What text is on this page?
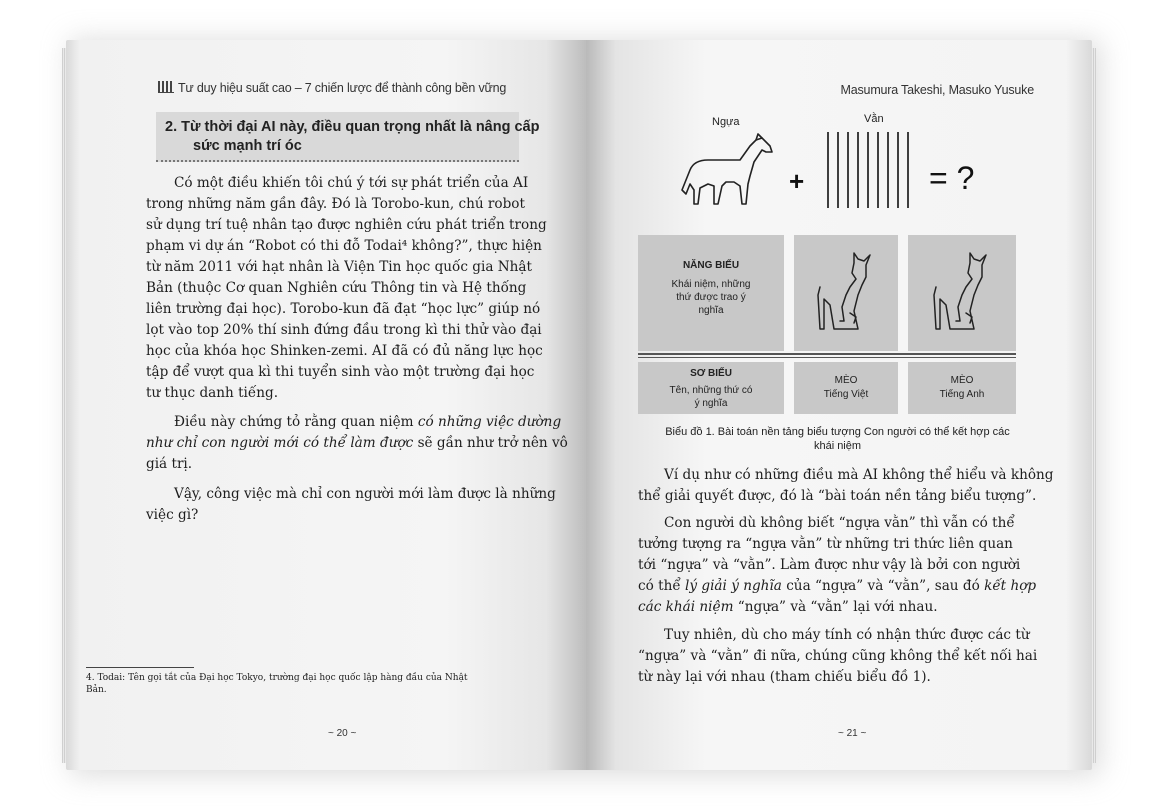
Tư duy hiệu suất cao – 7 chiến lược để thành công bền vững
2. Từ thời đại AI này, điều quan trọng nhất là nâng cấp
sức mạnh trí óc
Có một điều khiến tôi chú ý tới sự phát triển của AI
trong những năm gần đây. Đó là Torobo-kun, chú robot
sử dụng trí tuệ nhân tạo được nghiên cứu phát triển trong
phạm vi dự án “Robot có thi đỗ Todai⁴ không?”, thực hiện
từ năm 2011 với hạt nhân là Viện Tin học quốc gia Nhật
Bản (thuộc Cơ quan Nghiên cứu Thông tin và Hệ thống
liên trường đại học). Torobo-kun đã đạt “học lực” giúp nó
lọt vào top 20% thí sinh đứng đầu trong kì thi thử vào đại
học của khóa học Shinken-zemi. AI đã có đủ năng lực học
tập để vượt qua kì thi tuyển sinh vào một trường đại học
tư thục danh tiếng.
Điều này chứng tỏ rằng quan niệm có những việc dường
như chỉ con người mới có thể làm được sẽ gần như trở nên vô
giá trị.
Vậy, công việc mà chỉ con người mới làm được là những
việc gì?
4. Todai: Tên gọi tắt của Đại học Tokyo, trường đại học quốc lập hàng đầu của Nhật
Bản.
~ 20 ~
Masumura Takeshi, Masuko Yusuke
Ngựa	Vằn
+	= ?
NĂNG BIẾU
Khái niệm, những
thứ được trao ý
nghĩa
SƠ BIẾU
Tên, những thứ có
ý nghĩa
MÈO
Tiếng Việt
MÈO
Tiếng Anh
Biểu đồ 1. Bài toán nền tảng biểu tượng Con người có thể kết hợp các
khái niệm
Ví dụ như có những điều mà AI không thể hiểu và không
thể giải quyết được, đó là “bài toán nền tảng biểu tượng”.
Con người dù không biết “ngựa vằn” thì vẫn có thể
tưởng tượng ra “ngựa vằn” từ những tri thức liên quan
tới “ngựa” và “vằn”. Làm được như vậy là bởi con người
có thể lý giải ý nghĩa của “ngựa” và “vằn”, sau đó kết hợp
các khái niệm “ngựa” và “vằn” lại với nhau.
Tuy nhiên, dù cho máy tính có nhận thức được các từ
“ngựa” và “vằn” đi nữa, chúng cũng không thể kết nối hai
từ này lại với nhau (tham chiếu biểu đồ 1).
~ 21 ~
